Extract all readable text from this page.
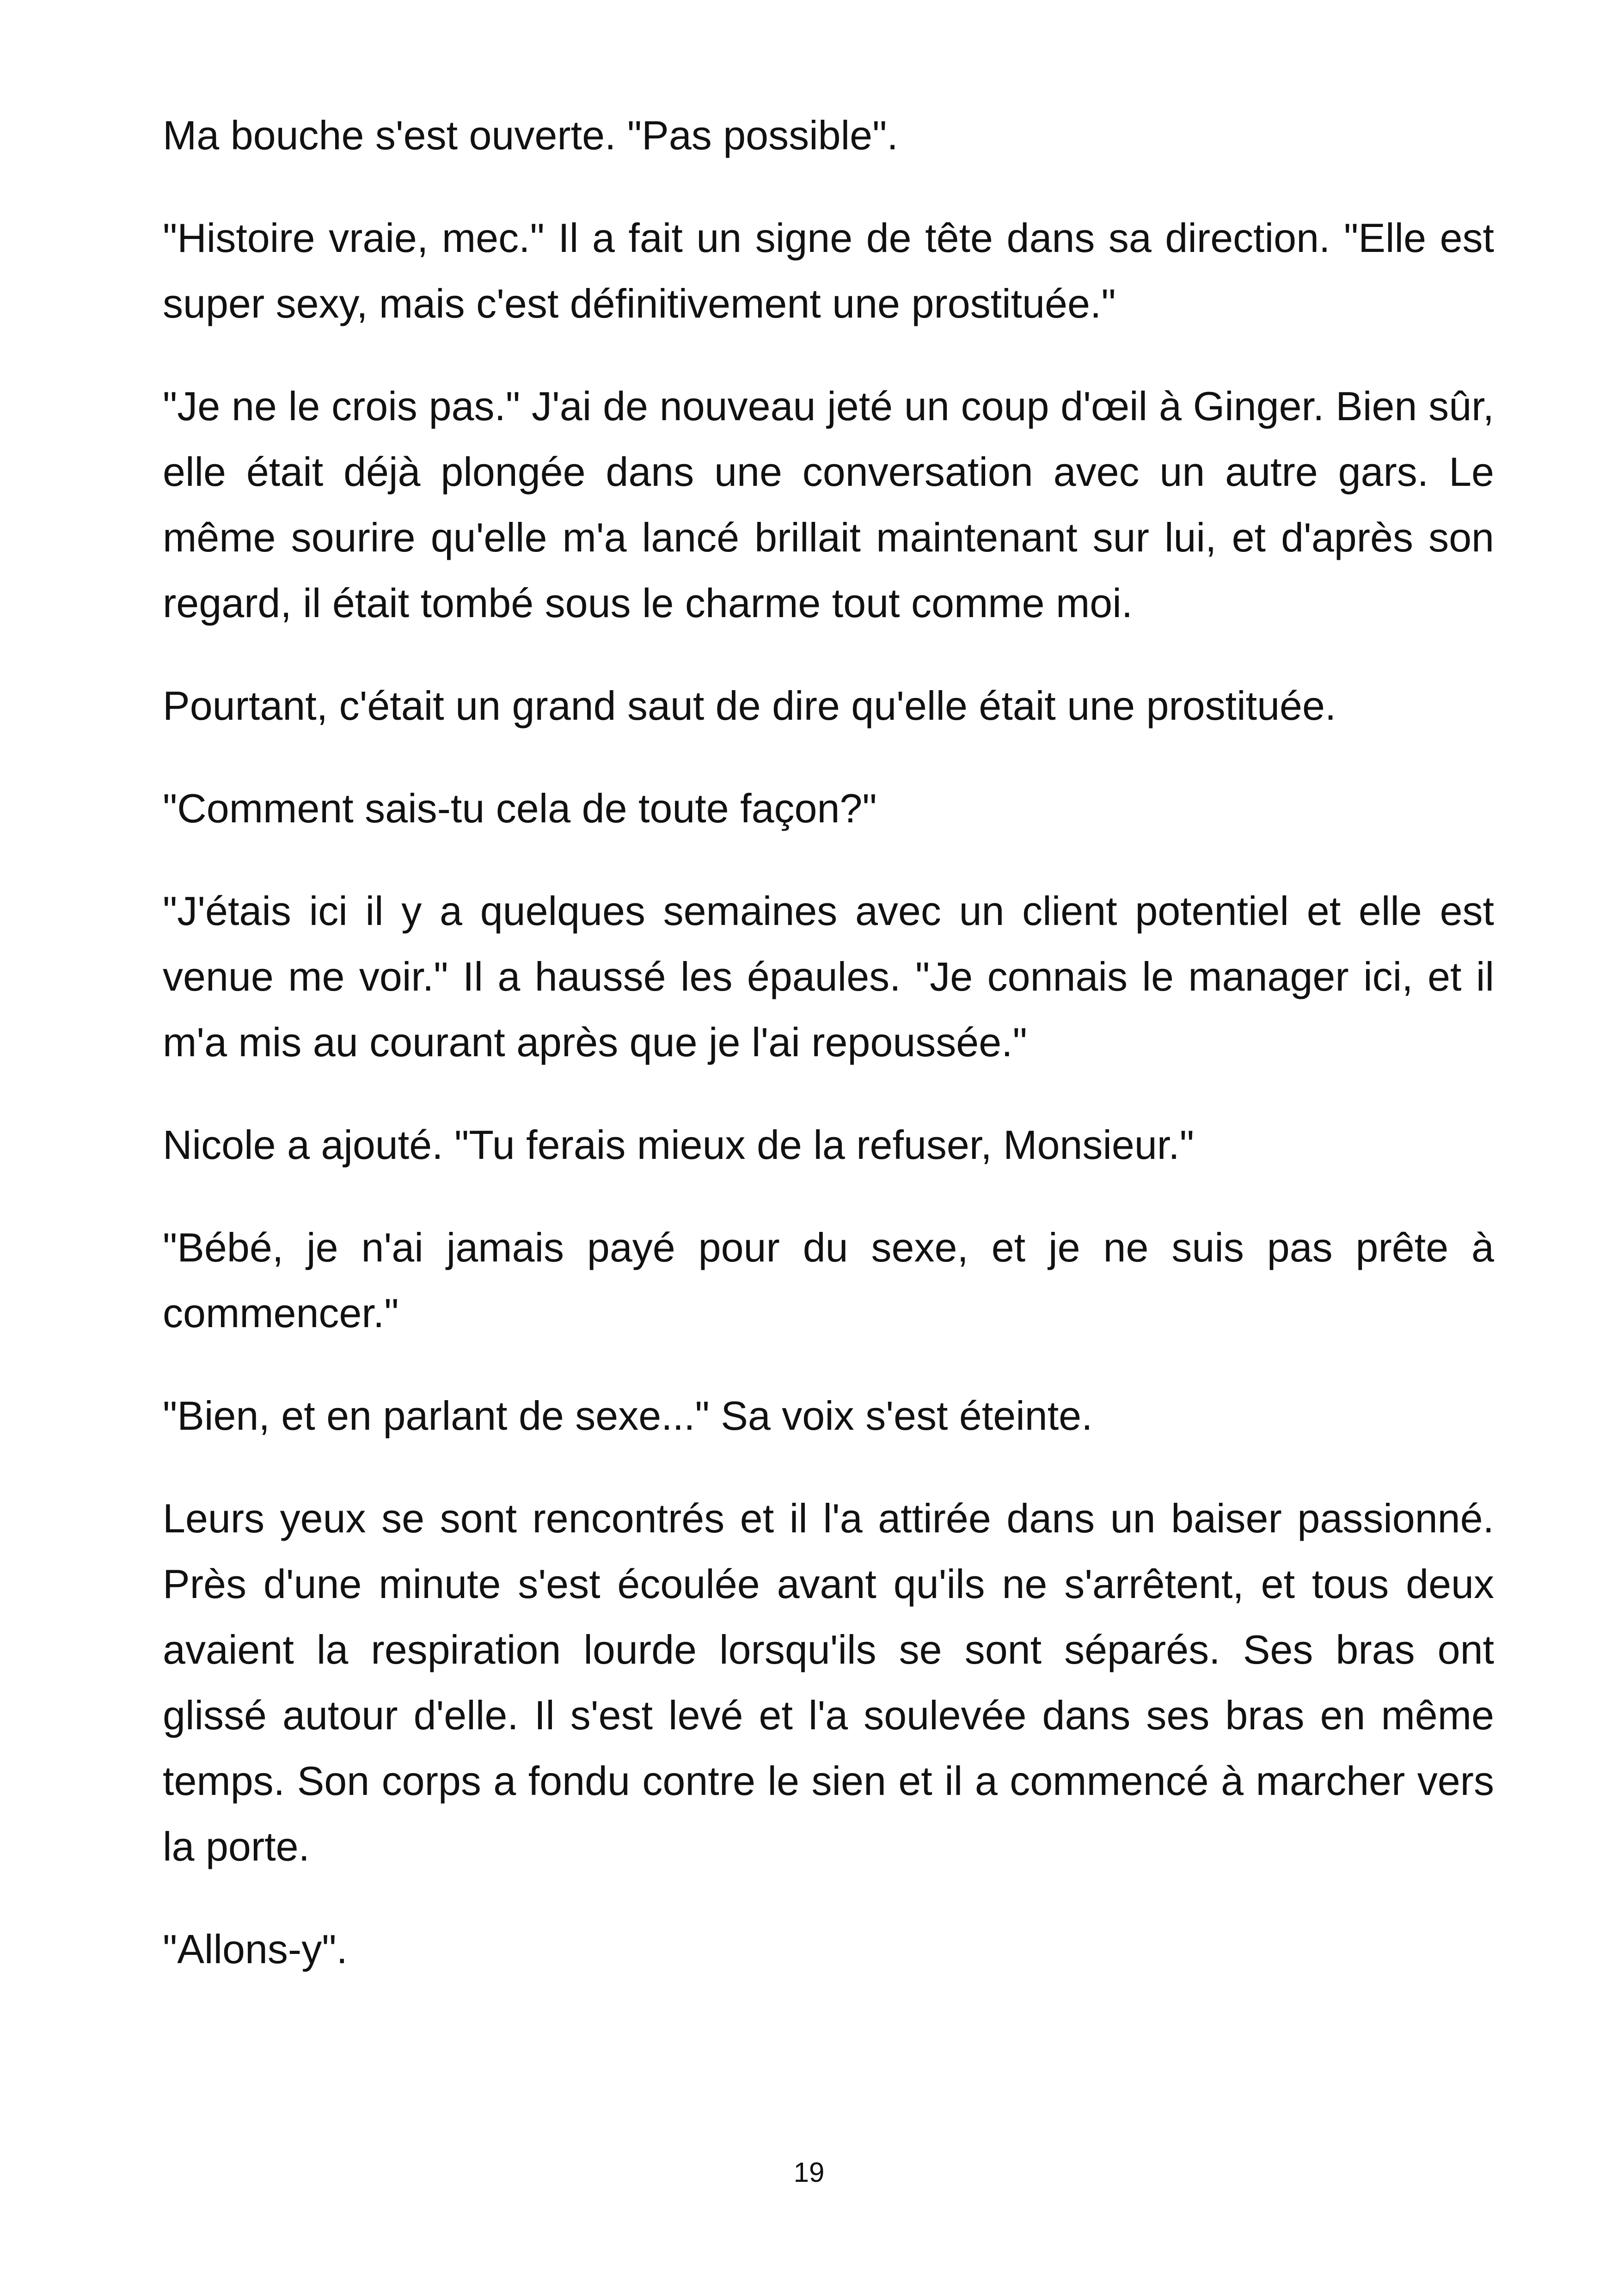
Ma bouche s'est ouverte. "Pas possible".

"Histoire vraie, mec." Il a fait un signe de tête dans sa direction. "Elle est super sexy, mais c'est définitivement une prostituée."

"Je ne le crois pas." J'ai de nouveau jeté un coup d'œil à Ginger. Bien sûr, elle était déjà plongée dans une conversation avec un autre gars. Le même sourire qu'elle m'a lancé brillait maintenant sur lui, et d'après son regard, il était tombé sous le charme tout comme moi.

Pourtant, c'était un grand saut de dire qu'elle était une prostituée.

"Comment sais-tu cela de toute façon?"

"J'étais ici il y a quelques semaines avec un client potentiel et elle est venue me voir." Il a haussé les épaules. "Je connais le manager ici, et il m'a mis au courant après que je l'ai repoussée."

Nicole a ajouté. "Tu ferais mieux de la refuser, Monsieur."

"Bébé, je n'ai jamais payé pour du sexe, et je ne suis pas prête à commencer."

"Bien, et en parlant de sexe..." Sa voix s'est éteinte.

Leurs yeux se sont rencontrés et il l'a attirée dans un baiser passionné. Près d'une minute s'est écoulée avant qu'ils ne s'arrêtent, et tous deux avaient la respiration lourde lorsqu'ils se sont séparés. Ses bras ont glissé autour d'elle. Il s'est levé et l'a soulevée dans ses bras en même temps. Son corps a fondu contre le sien et il a commencé à marcher vers la porte.

"Allons-y".

19
